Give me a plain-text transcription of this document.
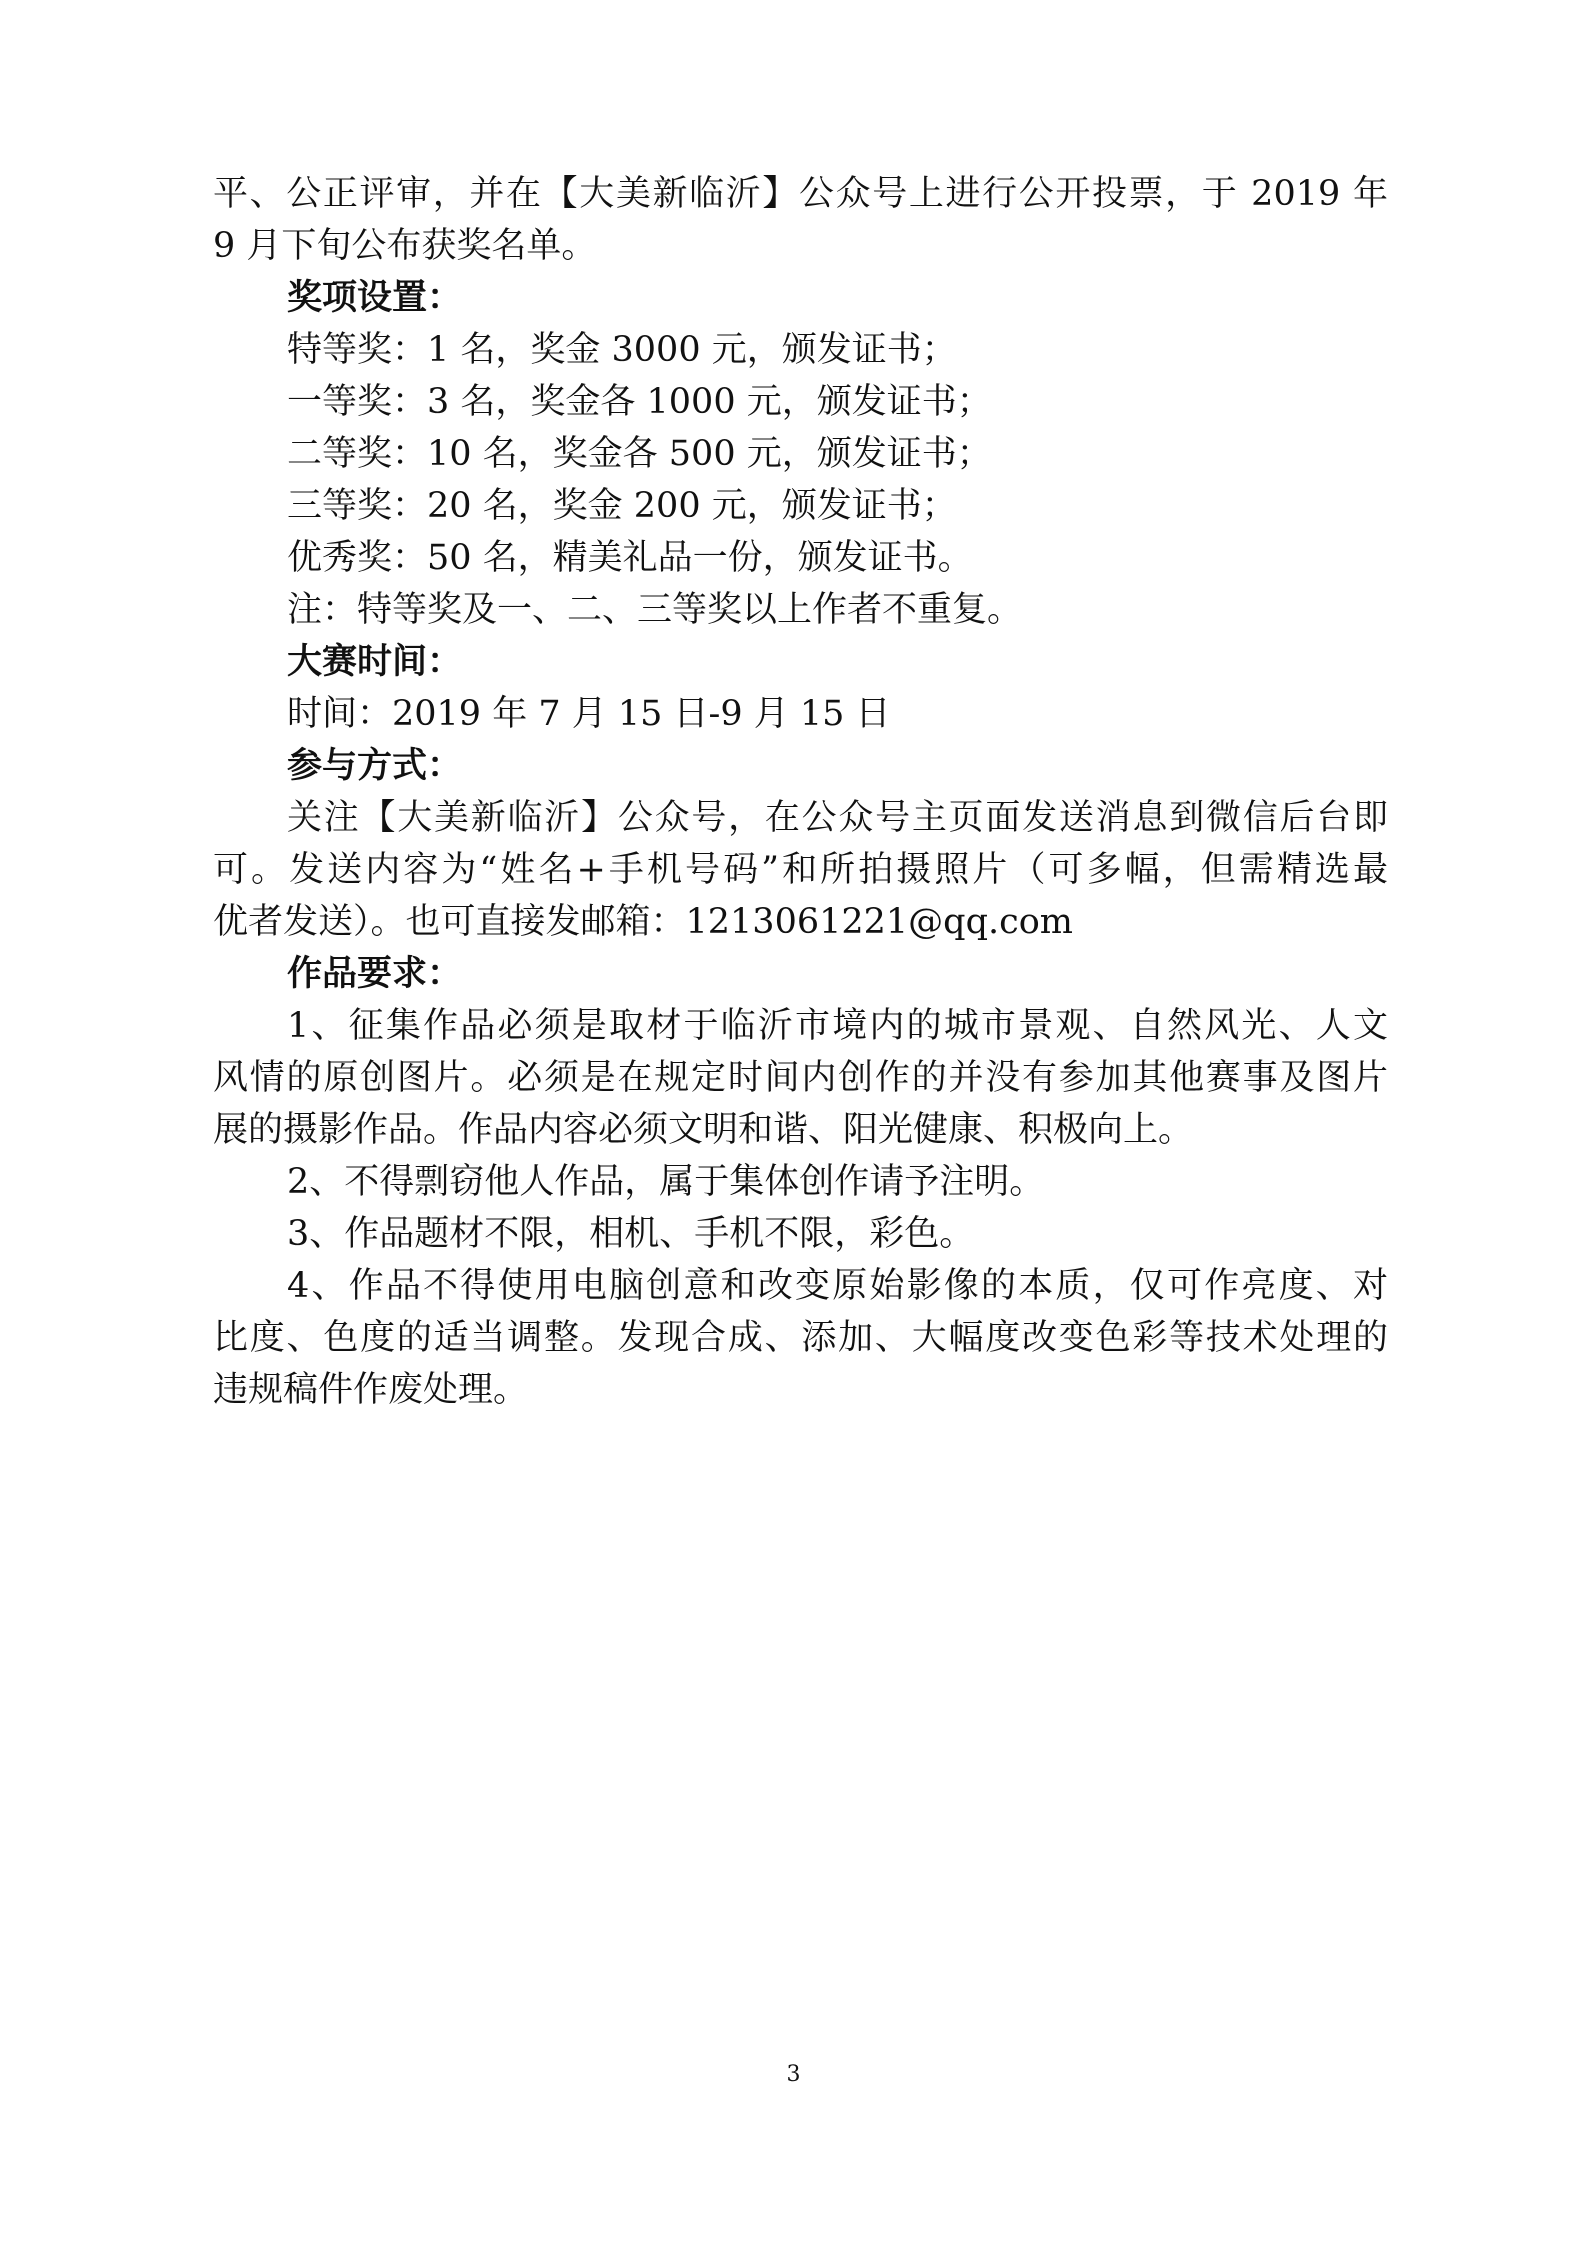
平、公正评审，并在【大美新临沂】公众号上进行公开投票，于 2019 年
9 月下旬公布获奖名单。
奖项设置：
特等奖：1 名，奖金 3000 元，颁发证书；
一等奖：3 名，奖金各 1000 元，颁发证书；
二等奖：10 名，奖金各 500 元，颁发证书；
三等奖：20 名，奖金 200 元，颁发证书；
优秀奖：50 名，精美礼品一份，颁发证书。
注：特等奖及一、二、三等奖以上作者不重复。
大赛时间：
时间：2019 年 7 月 15 日-9 月 15 日
参与方式：
关注【大美新临沂】公众号，在公众号主页面发送消息到微信后台即
可。发送内容为“姓名+手机号码”和所拍摄照片（可多幅，但需精选最
优者发送）。也可直接发邮箱：1213061221@qq.com
作品要求：
1、征集作品必须是取材于临沂市境内的城市景观、自然风光、人文
风情的原创图片。必须是在规定时间内创作的并没有参加其他赛事及图片
展的摄影作品。作品内容必须文明和谐、阳光健康、积极向上。
2、不得剽窃他人作品，属于集体创作请予注明。
3、作品题材不限，相机、手机不限，彩色。
4、作品不得使用电脑创意和改变原始影像的本质，仅可作亮度、对
比度、色度的适当调整。发现合成、添加、大幅度改变色彩等技术处理的
违规稿件作废处理。
3
